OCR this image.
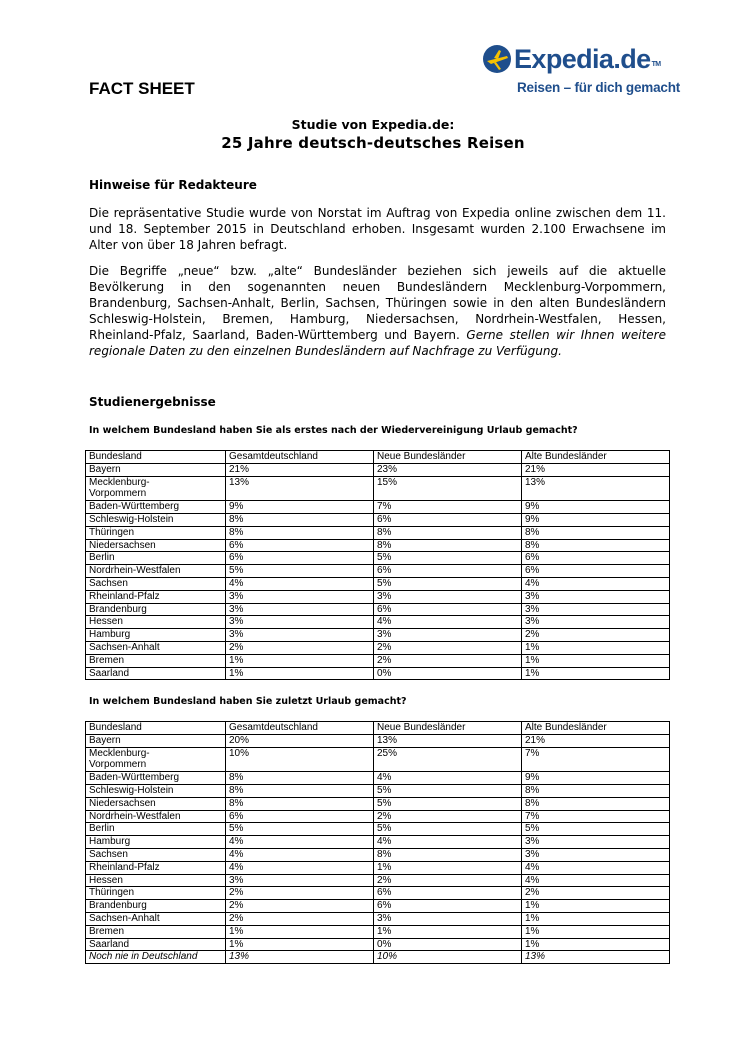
Expedia.de™
Reisen – für dich gemacht
FACT SHEET
Studie von Expedia.de:
25 Jahre deutsch-deutsches Reisen
Hinweise für Redakteure
Die repräsentative Studie wurde von Norstat im Auftrag von Expedia online zwischen dem 11. und 18. September 2015 in Deutschland erhoben. Insgesamt wurden 2.100 Erwachsene im Alter von über 18 Jahren befragt.
Die Begriffe „neue“ bzw. „alte“ Bundesländer beziehen sich jeweils auf die aktuelle Bevölkerung in den sogenannten neuen Bundesländern Mecklenburg-Vorpommern, Brandenburg, Sachsen-Anhalt, Berlin, Sachsen, Thüringen sowie in den alten Bundesländern Schleswig-Holstein, Bremen, Hamburg, Niedersachsen, Nordrhein-Westfalen, Hessen, Rheinland-Pfalz, Saarland, Baden-Württemberg und Bayern. Gerne stellen wir Ihnen weitere regionale Daten zu den einzelnen Bundesländern auf Nachfrage zu Verfügung.
Studienergebnisse
In welchem Bundesland haben Sie als erstes nach der Wiedervereinigung Urlaub gemacht?
Bundesland	Gesamtdeutschland	Neue Bundesländer	Alte Bundesländer
Bayern	21%	23%	21%
Mecklenburg-
Vorpommern	13%	15%	13%
Baden-Württemberg	9%	7%	9%
Schleswig-Holstein	8%	6%	9%
Thüringen	8%	8%	8%
Niedersachsen	6%	8%	8%
Berlin	6%	5%	6%
Nordrhein-Westfalen	5%	6%	6%
Sachsen	4%	5%	4%
Rheinland-Pfalz	3%	3%	3%
Brandenburg	3%	6%	3%
Hessen	3%	4%	3%
Hamburg	3%	3%	2%
Sachsen-Anhalt	2%	2%	1%
Bremen	1%	2%	1%
Saarland	1%	0%	1%
In welchem Bundesland haben Sie zuletzt Urlaub gemacht?
Bundesland	Gesamtdeutschland	Neue Bundesländer	Alte Bundesländer
Bayern	20%	13%	21%
Mecklenburg-
Vorpommern	10%	25%	7%
Baden-Württemberg	8%	4%	9%
Schleswig-Holstein	8%	5%	8%
Niedersachsen	8%	5%	8%
Nordrhein-Westfalen	6%	2%	7%
Berlin	5%	5%	5%
Hamburg	4%	4%	3%
Sachsen	4%	8%	3%
Rheinland-Pfalz	4%	1%	4%
Hessen	3%	2%	4%
Thüringen	2%	6%	2%
Brandenburg	2%	6%	1%
Sachsen-Anhalt	2%	3%	1%
Bremen	1%	1%	1%
Saarland	1%	0%	1%
Noch nie in Deutschland	13%	10%	13%
